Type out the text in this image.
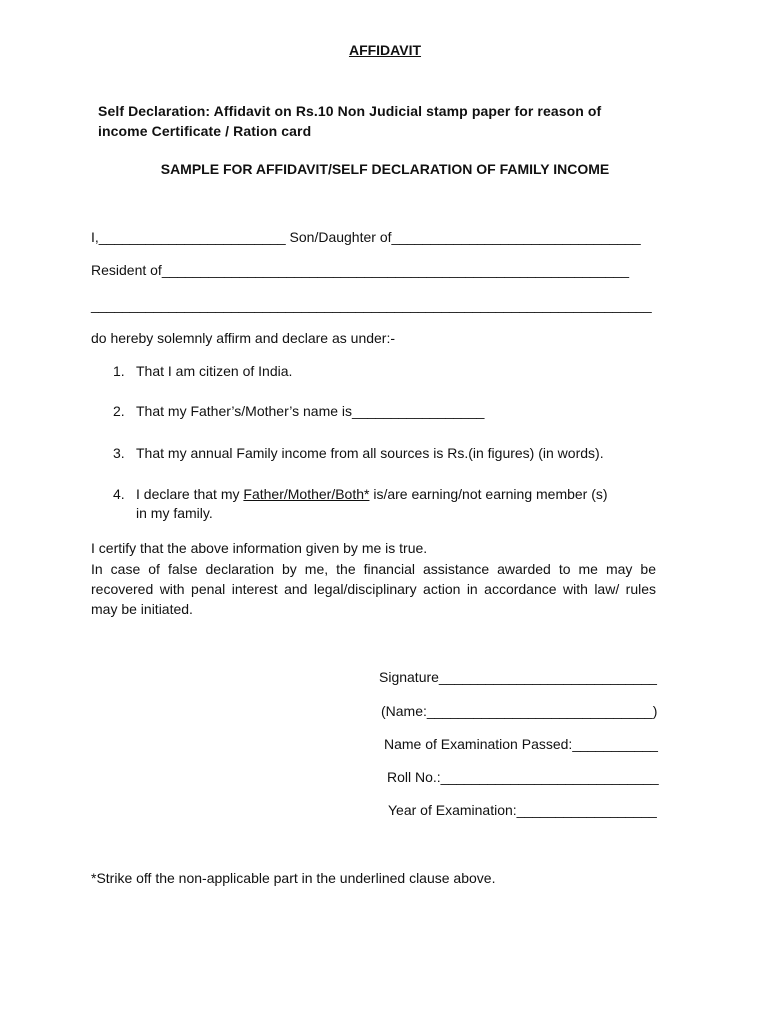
AFFIDAVIT
Self Declaration: Affidavit on Rs.10 Non Judicial stamp paper for reason of
income Certificate / Ration card
SAMPLE FOR AFFIDAVIT/SELF DECLARATION OF FAMILY INCOME
I,________________________ Son/Daughter of________________________________
Resident of____________________________________________________________
________________________________________________________________________
do hereby solemnly affirm and declare as under:-
1. That I am citizen of India.
2. That my Father’s/Mother’s name is_________________
3. That my annual Family income from all sources is Rs.(in figures) (in words).
4. I declare that my Father/Mother/Both* is/are earning/not earning member (s)
in my family.
I certify that the above information given by me is true.
In case of false declaration by me, the financial assistance awarded to me may be recovered with penal interest and legal/disciplinary action in accordance with law/ rules may be initiated.
Signature____________________________
(Name:_____________________________)
Name of Examination Passed:___________
Roll No.:____________________________
Year of Examination:__________________
*Strike off the non-applicable part in the underlined clause above.
